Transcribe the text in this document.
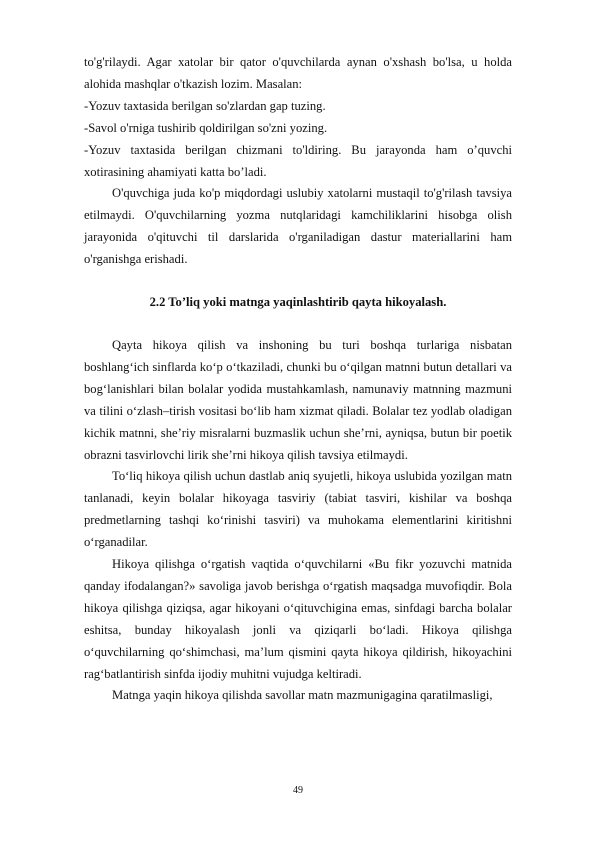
to'g'rilaydi. Agar xatolar bir qator o'quvchilarda aynan o'xshash bo'lsa, u holda alohida mashqlar o'tkazish lozim. Masalan:

-Yozuv taxtasida berilgan so'zlardan gap tuzing.

-Savol o'rniga tushirib qoldirilgan so'zni yozing.

-Yozuv taxtasida berilgan chizmani to'ldiring. Bu jarayonda ham o’quvchi xotirasining ahamiyati katta bo’ladi.

O'quvchiga juda ko'p miqdordagi uslubiy xatolarni mustaqil to'g'rilash tavsiya etilmaydi. O'quvchilarning yozma nutqlaridagi kamchiliklarini hisobga olish jarayonida o'qituvchi til darslarida o'rganiladigan dastur materiallarini ham o'rganishga erishadi.

2.2 To’liq yoki matnga yaqinlashtirib qayta hikoyalash.

Qayta hikoya qilish va inshoning bu turi boshqa turlariga nisbatan boshlang‘ich sinflarda ko‘p o‘tkaziladi, chunki bu o‘qilgan matnni butun detallari va bog‘lanishlari bilan bolalar yodida mustahkamlash, namunaviy matnning mazmuni va tilini o‘zlash–tirish vositasi bo‘lib ham xizmat qiladi. Bolalar tez yodlab oladigan kichik matnni, she’riy misralarni buzmaslik uchun she’rni, ayniqsa, butun bir poetik obrazni tasvirlovchi lirik she’rni hikoya qilish tavsiya etilmaydi.

To‘liq hikoya qilish uchun dastlab aniq syujetli, hikoya uslubida yozilgan matn tanlanadi, keyin bolalar hikoyaga tasviriy (tabiat tasviri, kishilar va boshqa predmetlarning tashqi ko‘rinishi tasviri) va muhokama elementlarini kiritishni o‘rganadilar.

Hikoya qilishga o‘rgatish vaqtida o‘quvchilarni «Bu fikr yozuvchi matnida qanday ifodalangan?» savoliga javob berishga o‘rgatish maqsadga muvofiqdir. Bola hikoya qilishga qiziqsa, agar hikoyani o‘qituvchigina emas, sinfdagi barcha bolalar eshitsa, bunday hikoyalash jonli va qiziqarli bo‘ladi. Hikoya qilishga o‘quvchilarning qo‘shimchasi, ma’lum qismini qayta hikoya qildirish, hikoyachini rag‘batlantirish sinfda ijodiy muhitni vujudga keltiradi.

Matnga yaqin hikoya qilishda savollar matn mazmunigagina qaratilmasligi,

49
